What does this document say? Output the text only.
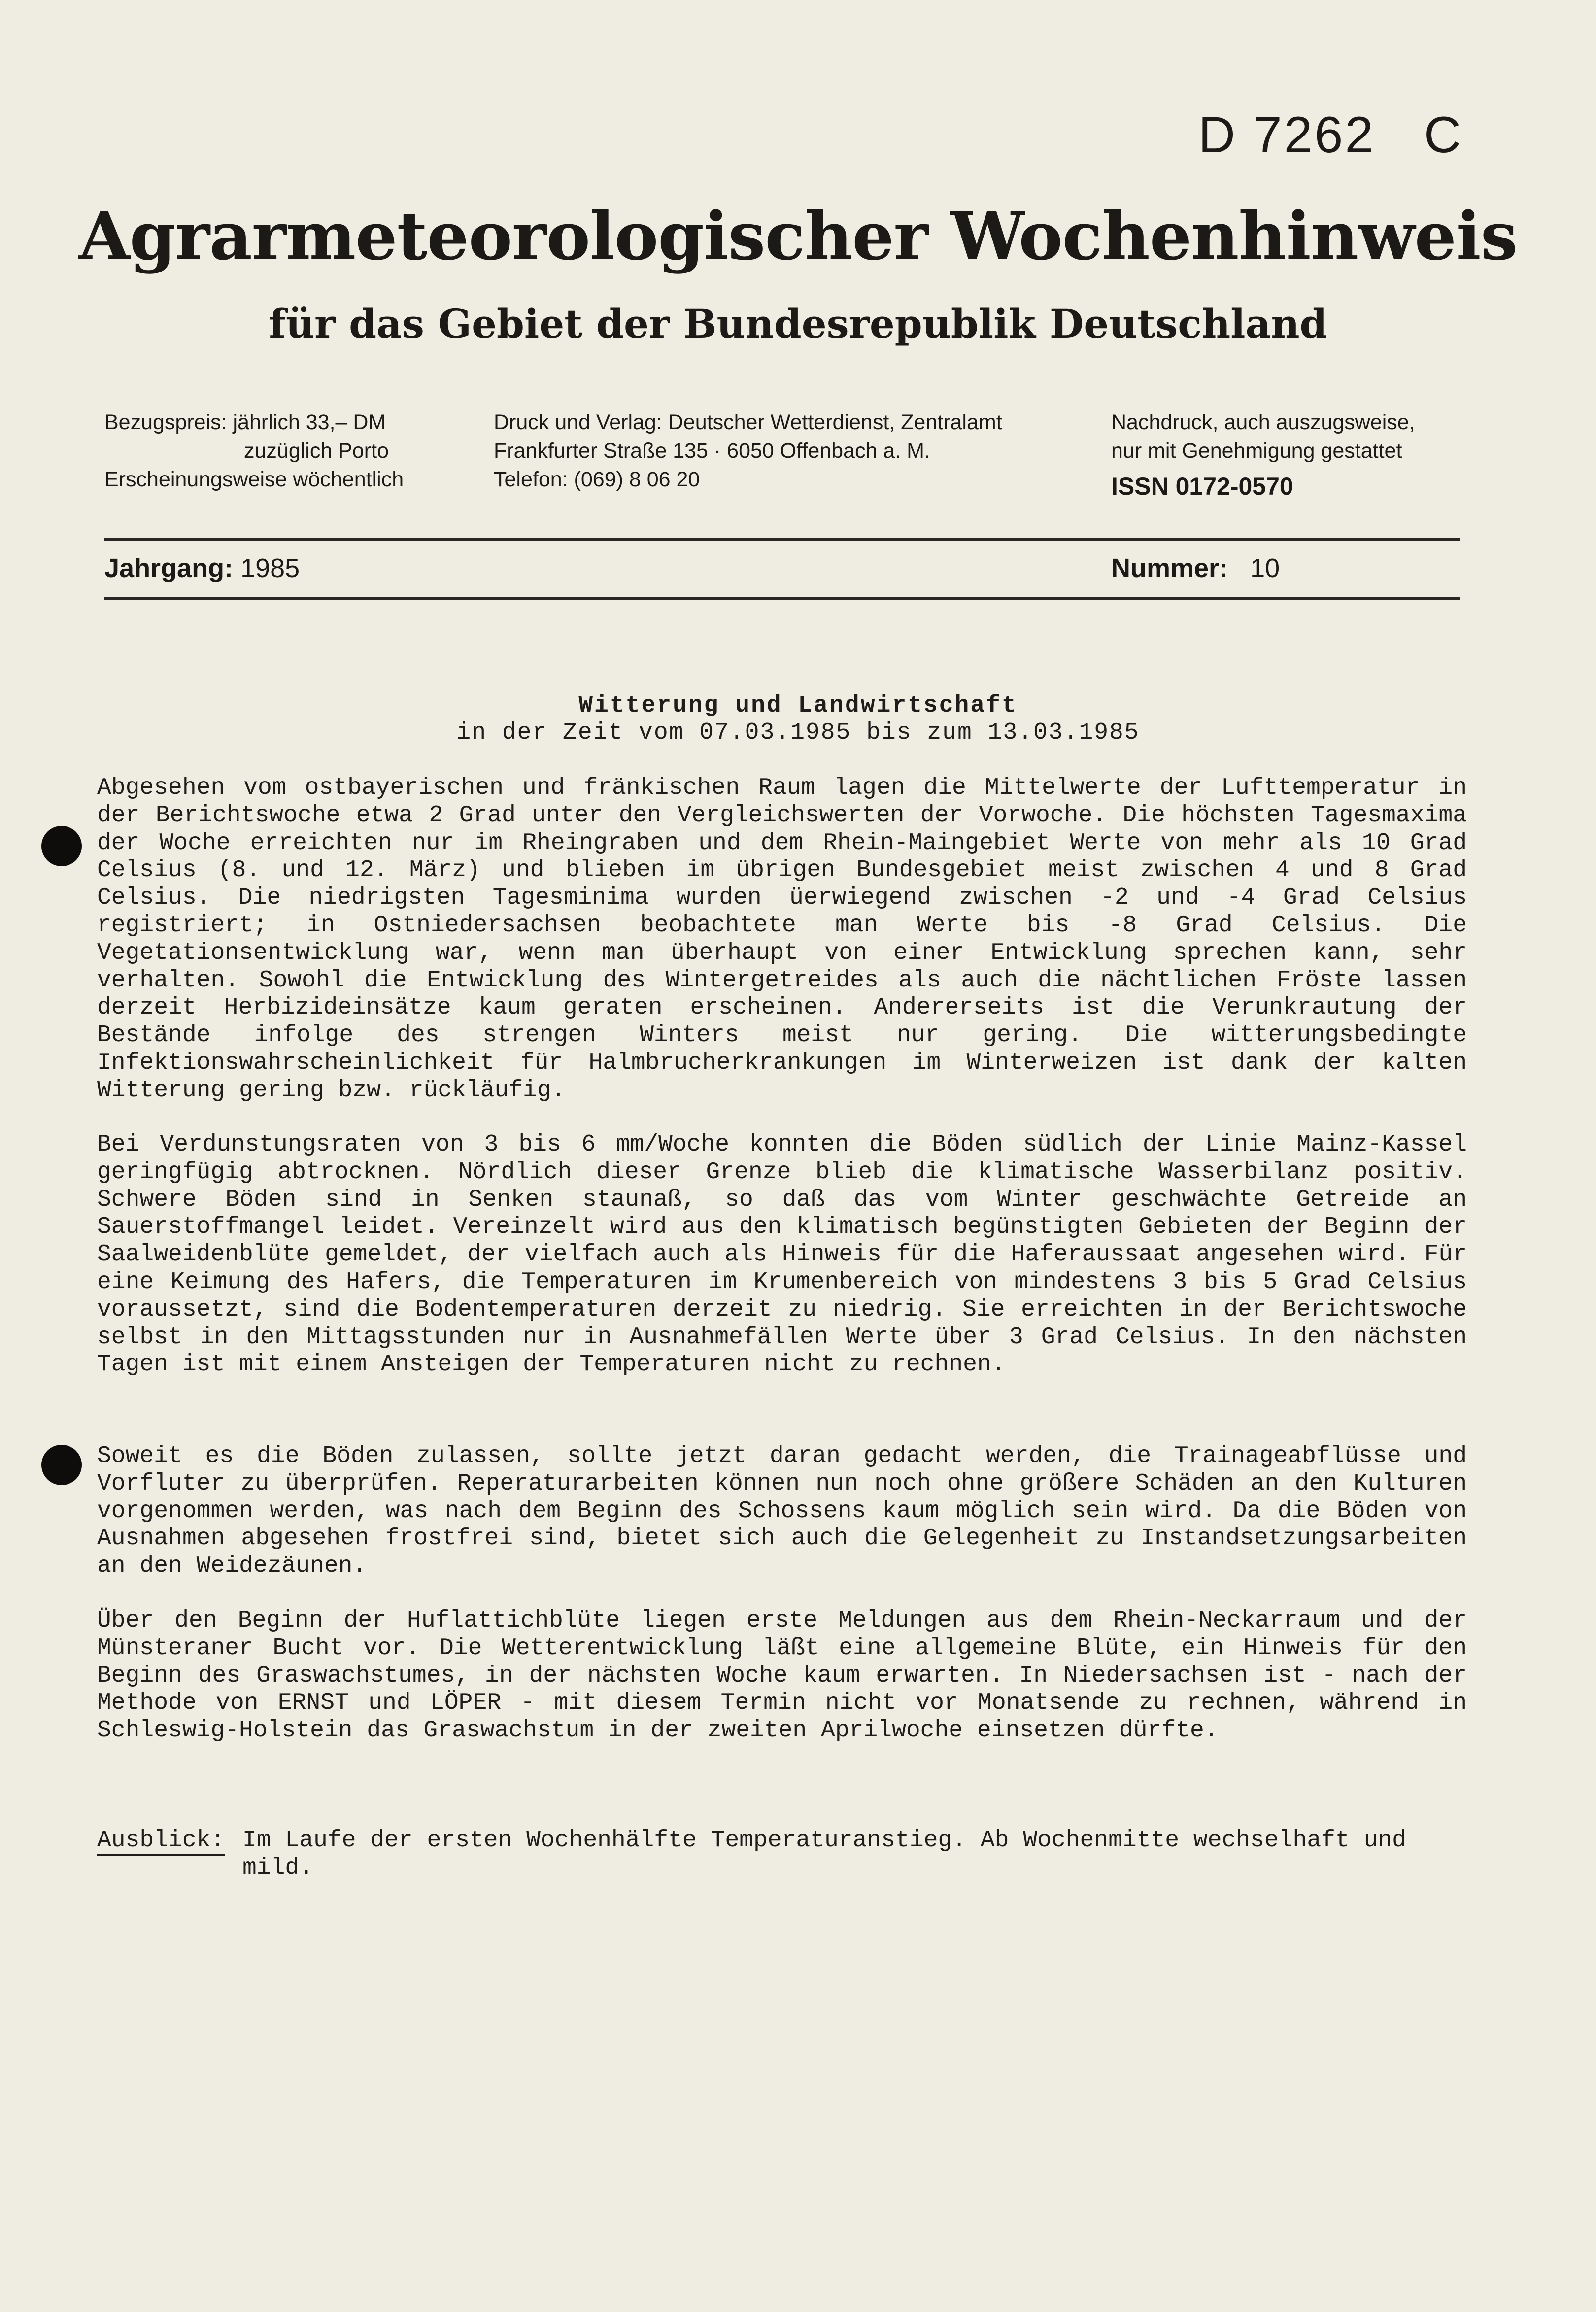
D 7262   C
Agrarmeteorologischer Wochenhinweis
für das Gebiet der Bundesrepublik Deutschland
Bezugspreis: jährlich 33,– DM
zuzüglich Porto
Erscheinungsweise wöchentlich
Druck und Verlag: Deutscher Wetterdienst, Zentralamt
Frankfurter Straße 135 · 6050 Offenbach a. M.
Telefon: (069) 8 06 20
Nachdruck, auch auszugsweise,
nur mit Genehmigung gestattet
ISSN 0172-0570
Jahrgang: 1985	Nummer: 10
Witterung und Landwirtschaft
in der Zeit vom 07.03.1985 bis zum 13.03.1985
Abgesehen vom ostbayerischen und fränkischen Raum lagen die Mittelwerte der Lufttemperatur in der Berichtswoche etwa 2 Grad unter den Vergleichswerten der Vorwoche. Die höchsten Tagesmaxima der Woche erreichten nur im Rheingraben und dem Rhein-Maingebiet Werte von mehr als 10 Grad Celsius (8. und 12. März) und blieben im übrigen Bundesgebiet meist zwischen 4 und 8 Grad Celsius. Die niedrigsten Tagesminima wurden üerwiegend zwischen -2 und -4 Grad Celsius registriert; in Ostniedersachsen beobachtete man Werte bis -8 Grad Celsius. Die Vegetationsentwicklung war, wenn man überhaupt von einer Entwicklung sprechen kann, sehr verhalten. Sowohl die Entwicklung des Wintergetreides als auch die nächtlichen Fröste lassen derzeit Herbizideinsätze kaum geraten erscheinen. Andererseits ist die Verunkrautung der Bestände infolge des strengen Winters meist nur gering. Die witterungsbedingte Infektionswahrscheinlichkeit für Halmbrucherkrankungen im Winterweizen ist dank der kalten Witterung gering bzw. rückläufig.
Bei Verdunstungsraten von 3 bis 6 mm/Woche konnten die Böden südlich der Linie Mainz-Kassel geringfügig abtrocknen. Nördlich dieser Grenze blieb die klimatische Wasserbilanz positiv. Schwere Böden sind in Senken staunaß, so daß das vom Winter geschwächte Getreide an Sauerstoffmangel leidet. Vereinzelt wird aus den klimatisch begünstigten Gebieten der Beginn der Saalweidenblüte gemeldet, der vielfach auch als Hinweis für die Haferaussaat angesehen wird. Für eine Keimung des Hafers, die Temperaturen im Krumenbereich von mindestens 3 bis 5 Grad Celsius voraussetzt, sind die Bodentemperaturen derzeit zu niedrig. Sie erreichten in der Berichtswoche selbst in den Mittagsstunden nur in Ausnahmefällen Werte über 3 Grad Celsius. In den nächsten Tagen ist mit einem Ansteigen der Temperaturen nicht zu rechnen.
Soweit es die Böden zulassen, sollte jetzt daran gedacht werden, die Trainageabflüsse und Vorfluter zu überprüfen. Reperaturarbeiten können nun noch ohne größere Schäden an den Kulturen vorgenommen werden, was nach dem Beginn des Schossens kaum möglich sein wird. Da die Böden von Ausnahmen abgesehen frostfrei sind, bietet sich auch die Gelegenheit zu Instandsetzungsarbeiten an den Weidezäunen.
Über den Beginn der Huflattichblüte liegen erste Meldungen aus dem Rhein-Neckarraum und der Münsteraner Bucht vor. Die Wetterentwicklung läßt eine allgemeine Blüte, ein Hinweis für den Beginn des Graswachstumes, in der nächsten Woche kaum erwarten. In Niedersachsen ist - nach der Methode von ERNST und LÖPER - mit diesem Termin nicht vor Monatsende zu rechnen, während in Schleswig-Holstein das Graswachstum in der zweiten Aprilwoche einsetzen dürfte.
Ausblick: Im Laufe der ersten Wochenhälfte Temperaturanstieg. Ab Wochenmitte wechselhaft und mild.
